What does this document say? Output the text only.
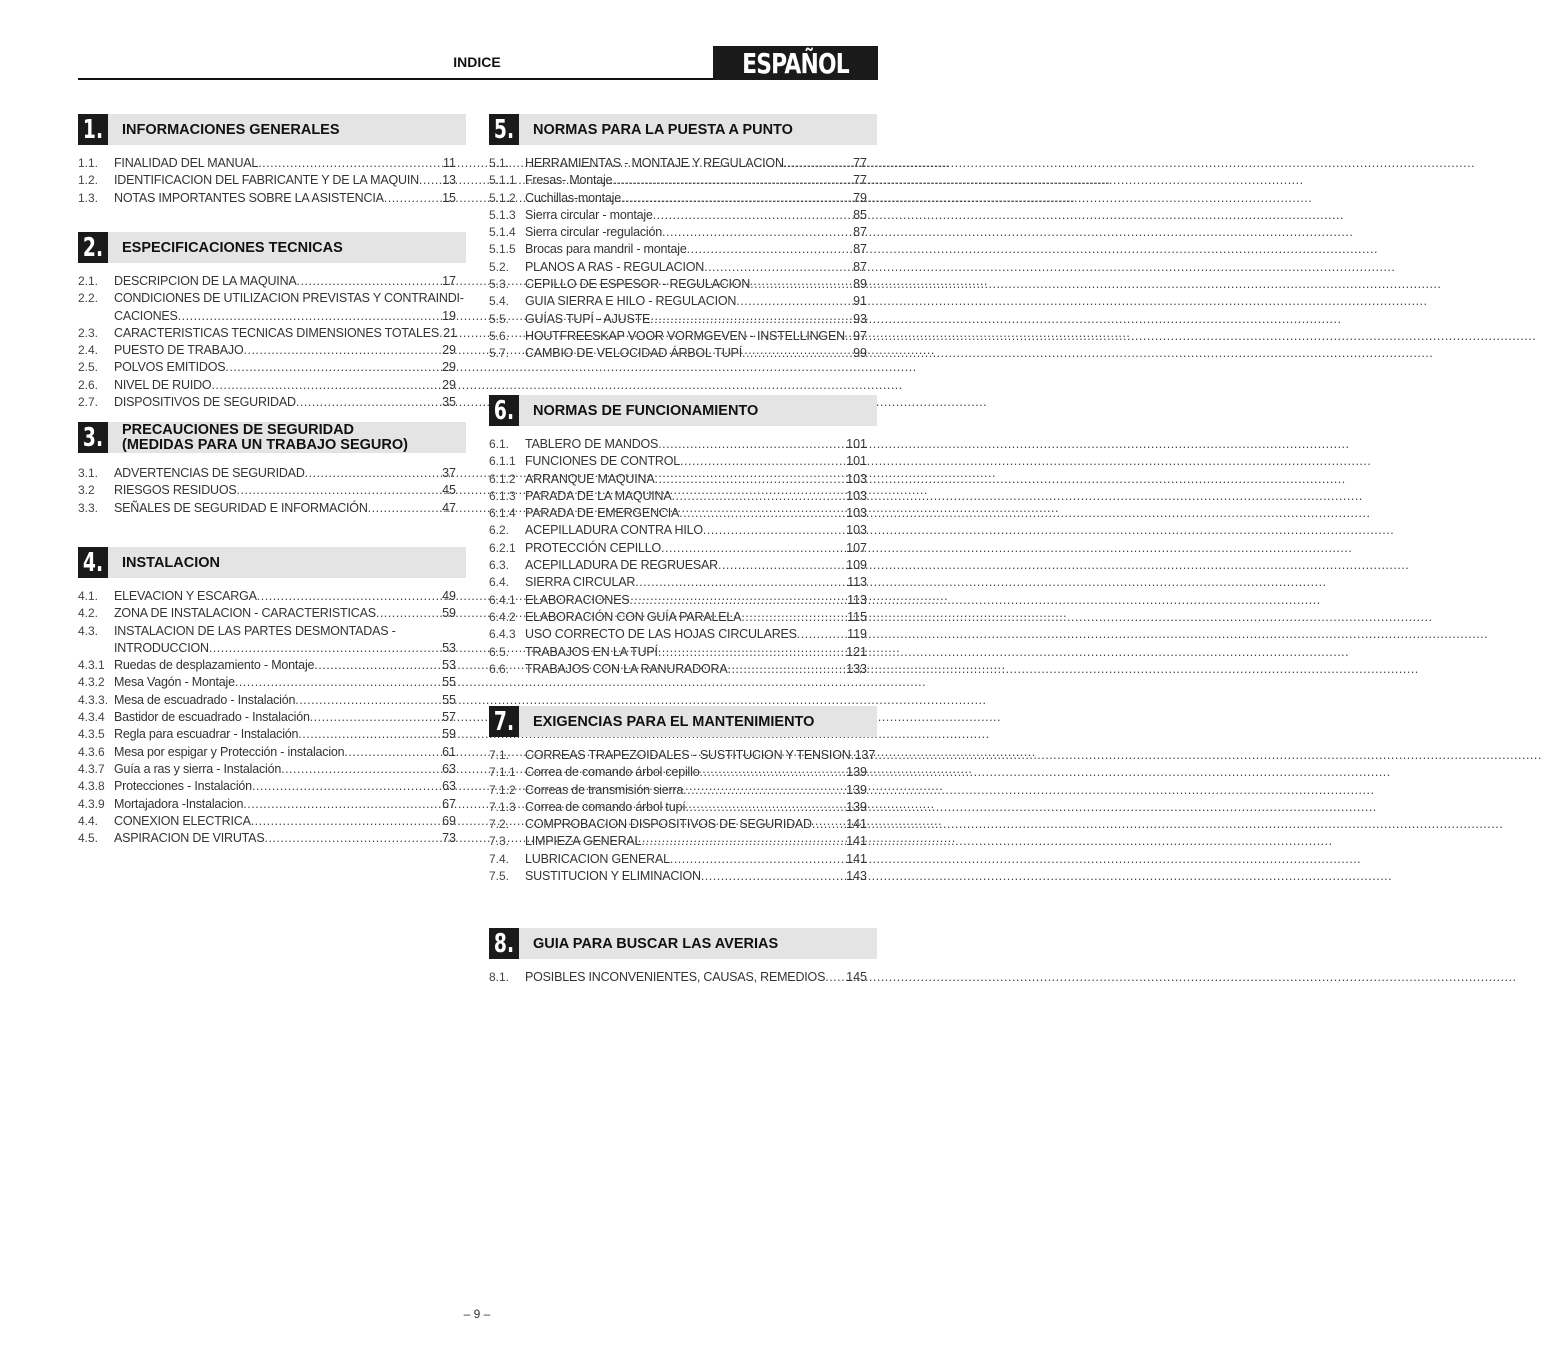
INDICE	ESPAÑOL
1. INFORMACIONES GENERALES
1.1.	FINALIDAD DEL MANUAL .....	11
1.2.	IDENTIFICACION DEL FABRICANTE Y DE LA MAQUIN ..... 13
1.3.	NOTAS IMPORTANTES SOBRE LA ASISTENCIA .....	15
2. ESPECIFICACIONES TECNICAS
2.1.	DESCRIPCION DE LA MAQUINA .....	17
2.2.	CONDICIONES DE UTILIZACION PREVISTAS Y CONTRAINDI-
CACIONES .....	19
2.3.	CARACTERISTICAS TECNICAS DIMENSIONES TOTALES ..... 21
2.4.	PUESTO DE TRABAJO .....	29
2.5.	POLVOS EMITIDOS .....	29
2.6.	NIVEL DE RUIDO .....	29
2.7.	DISPOSITIVOS DE SEGURIDAD .....	35
3. PRECAUCIONES DE SEGURIDAD
(MEDIDAS PARA UN TRABAJO SEGURO)
3.1.	ADVERTENCIAS DE SEGURIDAD .....	37
3.2	RIESGOS RESIDUOS .....	45
3.3.	SEÑALES DE SEGURIDAD E INFORMACIÓN .....	47
4. INSTALACION
4.1.	ELEVACION Y ESCARGA .....	49
4.2.	ZONA DE INSTALACION - CARACTERISTICAS .....	59
4.3.	INSTALACION DE LAS PARTES DESMONTADAS -
INTRODUCCION .....	53
4.3.1 Ruedas de desplazamiento - Montaje .....	53
4.3.2 Mesa Vagón - Montaje .....	55
4.3.3. Mesa de escuadrado - Instalación .....	55
4.3.4 Bastidor de escuadrado - Instalación .....	57
4.3.5 Regla para escuadrar - Instalación .....	59
4.3.6 Mesa por espigar y Protección - instalacion .....	61
4.3.7 Guía a ras y sierra - Instalación .....	63
4.3.8 Protecciones - Instalación .....	63
4.3.9 Mortajadora -Instalacion .....	67
4.4.	CONEXION ELECTRICA .....	69
4.5.	ASPIRACION DE VIRUTAS .....	73
5. NORMAS PARA LA PUESTA A PUNTO
5.1.	HERRAMIENTAS - MONTAJE Y REGULACION .....	77
5.1.1 Fresas- Montaje .....	77
5.1.2 Cuchillas-montaje .....	79
5.1.3 Sierra circular - montaje .....	85
5.1.4 Sierra circular -regulación .....	87
5.1.5 Brocas para mandril - montaje .....	87
5.2.	PLANOS A RAS - REGULACION .....	87
5.3.	CEPILLO DE ESPESOR - REGULACION .....	89
5.4.	GUIA SIERRA E HILO - REGULACION .....	91
5.5.	GUÍAS TUPÍ - AJUSTE .....	93
5.6.	HOUTFREESKAP VOOR VORMGEVEN - INSTELLINGEN ..... 97
5.7.	CAMBIO DE VELOCIDAD ÁRBOL TUPÍ .....	99
6. NORMAS DE FUNCIONAMIENTO
6.1.	TABLERO DE MANDOS .....	101
6.1.1 FUNCIONES DE CONTROL .....	101
6.1.2 ARRANQUE MAQUINA .....	103
6.1.3 PARADA DE LA MAQUINA .....	103
6.1.4 PARADA DE EMERGENCIA .....	103
6.2.	ACEPILLADURA CONTRA HILO .....	103
6.2.1 PROTECCIÓN CEPILLO .....	107
6.3.	ACEPILLADURA DE REGRUESAR .....	109
6.4.	SIERRA CIRCULAR .....	113
6.4.1 ELABORACIONES .....	113
6.4.2 ELABORACIÓN CON GUÍA PARALELA .....	115
6.4.3 USO CORRECTO DE LAS HOJAS CIRCULARES .....	119
6.5.	TRABAJOS EN LA TUPÍ .....	121
6.6.	TRABAJOS CON LA RANURADORA .....	133
7. EXIGENCIAS PARA EL MANTENIMIENTO
7.1.	CORREAS TRAPEZOIDALES - SUSTITUCION Y TENSION ..... 137
7.1.1 Correa de comando árbol cepillo .....	139
7.1.2 Correas de transmisión sierra .....	139
7.1.3 Correa de comando árbol tupí .....	139
7.2.	COMPROBACION DISPOSITIVOS DE SEGURIDAD .....	141
7.3.	LIMPIEZA GENERAL .....	141
7.4.	LUBRICACION GENERAL .....	141
7.5.	SUSTITUCION Y ELIMINACION .....	143
8. GUIA PARA BUSCAR LAS AVERIAS
8.1.	POSIBLES INCONVENIENTES, CAUSAS, REMEDIOS ..... 145
– 9 –
